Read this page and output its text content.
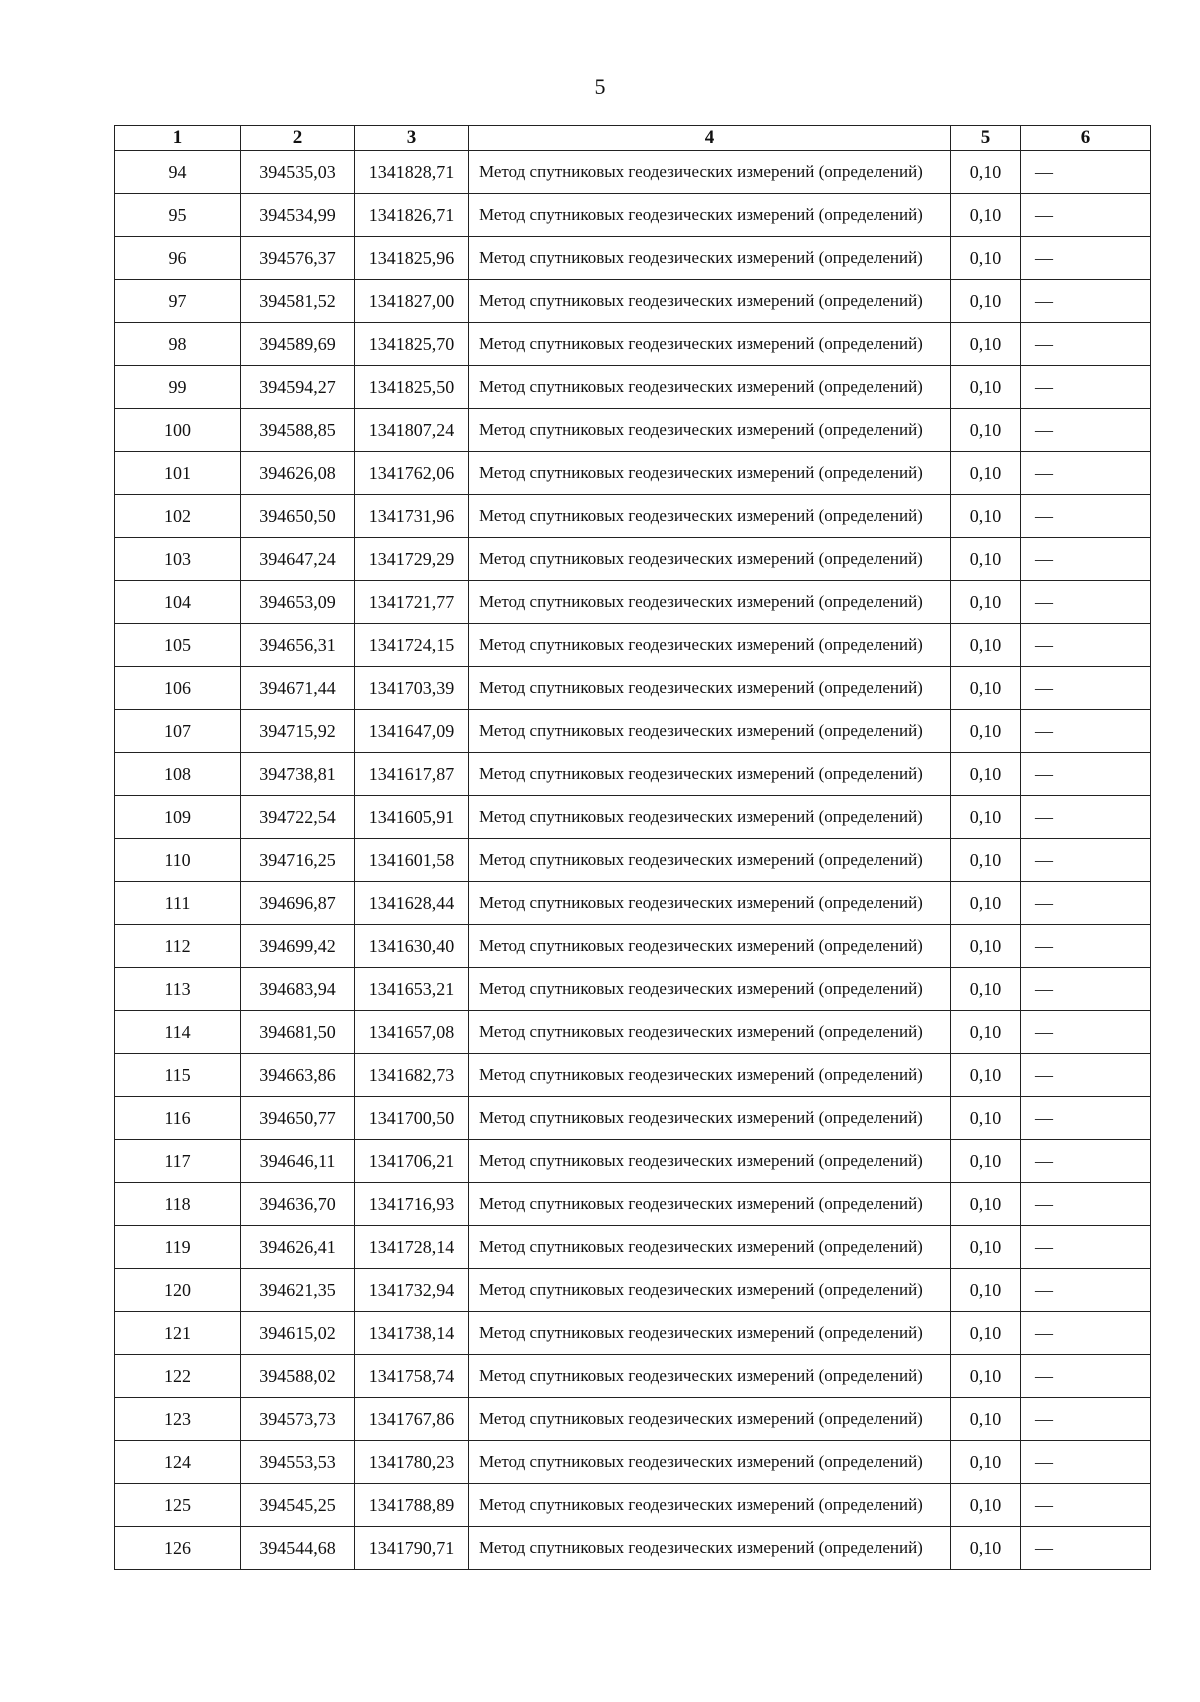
5
1	2	3	4	5	6
94	394535,03	1341828,71	Метод спутниковых геодезических измерений (определений)	0,10	—
95	394534,99	1341826,71	Метод спутниковых геодезических измерений (определений)	0,10	—
96	394576,37	1341825,96	Метод спутниковых геодезических измерений (определений)	0,10	—
97	394581,52	1341827,00	Метод спутниковых геодезических измерений (определений)	0,10	—
98	394589,69	1341825,70	Метод спутниковых геодезических измерений (определений)	0,10	—
99	394594,27	1341825,50	Метод спутниковых геодезических измерений (определений)	0,10	—
100	394588,85	1341807,24	Метод спутниковых геодезических измерений (определений)	0,10	—
101	394626,08	1341762,06	Метод спутниковых геодезических измерений (определений)	0,10	—
102	394650,50	1341731,96	Метод спутниковых геодезических измерений (определений)	0,10	—
103	394647,24	1341729,29	Метод спутниковых геодезических измерений (определений)	0,10	—
104	394653,09	1341721,77	Метод спутниковых геодезических измерений (определений)	0,10	—
105	394656,31	1341724,15	Метод спутниковых геодезических измерений (определений)	0,10	—
106	394671,44	1341703,39	Метод спутниковых геодезических измерений (определений)	0,10	—
107	394715,92	1341647,09	Метод спутниковых геодезических измерений (определений)	0,10	—
108	394738,81	1341617,87	Метод спутниковых геодезических измерений (определений)	0,10	—
109	394722,54	1341605,91	Метод спутниковых геодезических измерений (определений)	0,10	—
110	394716,25	1341601,58	Метод спутниковых геодезических измерений (определений)	0,10	—
111	394696,87	1341628,44	Метод спутниковых геодезических измерений (определений)	0,10	—
112	394699,42	1341630,40	Метод спутниковых геодезических измерений (определений)	0,10	—
113	394683,94	1341653,21	Метод спутниковых геодезических измерений (определений)	0,10	—
114	394681,50	1341657,08	Метод спутниковых геодезических измерений (определений)	0,10	—
115	394663,86	1341682,73	Метод спутниковых геодезических измерений (определений)	0,10	—
116	394650,77	1341700,50	Метод спутниковых геодезических измерений (определений)	0,10	—
117	394646,11	1341706,21	Метод спутниковых геодезических измерений (определений)	0,10	—
118	394636,70	1341716,93	Метод спутниковых геодезических измерений (определений)	0,10	—
119	394626,41	1341728,14	Метод спутниковых геодезических измерений (определений)	0,10	—
120	394621,35	1341732,94	Метод спутниковых геодезических измерений (определений)	0,10	—
121	394615,02	1341738,14	Метод спутниковых геодезических измерений (определений)	0,10	—
122	394588,02	1341758,74	Метод спутниковых геодезических измерений (определений)	0,10	—
123	394573,73	1341767,86	Метод спутниковых геодезических измерений (определений)	0,10	—
124	394553,53	1341780,23	Метод спутниковых геодезических измерений (определений)	0,10	—
125	394545,25	1341788,89	Метод спутниковых геодезических измерений (определений)	0,10	—
126	394544,68	1341790,71	Метод спутниковых геодезических измерений (определений)	0,10	—
